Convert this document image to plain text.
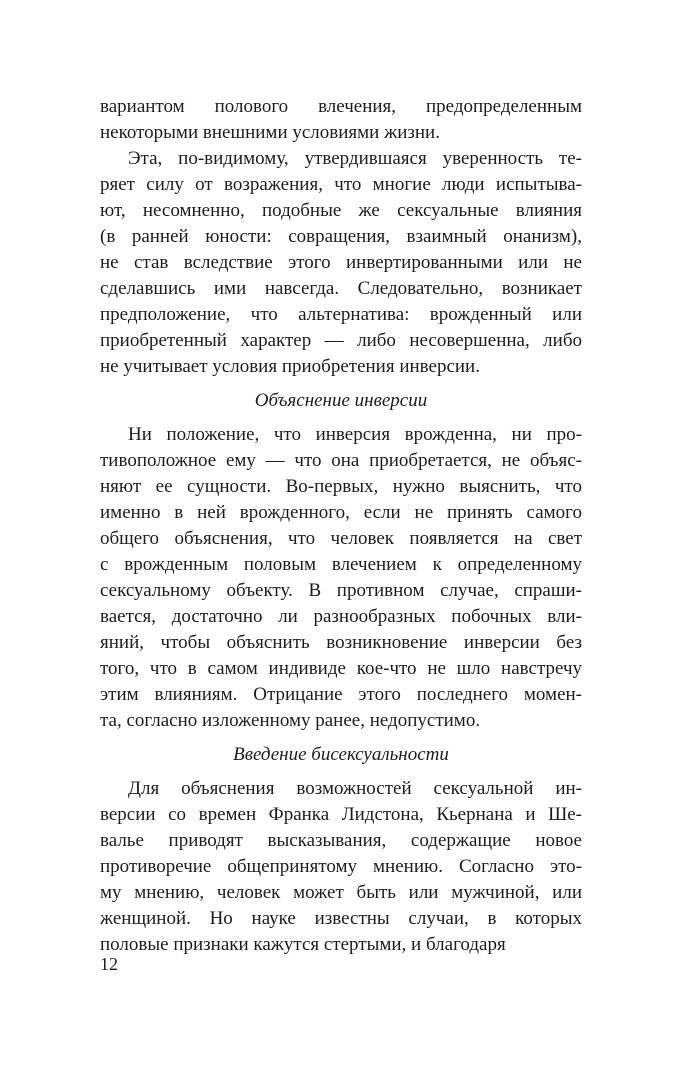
вариантом полового влечения, предопределенным
некоторыми внешними условиями жизни.
Эта, по-видимому, утвердившаяся уверенность те-
ряет силу от возражения, что многие люди испытыва-
ют, несомненно, подобные же сексуальные влияния
(в ранней юности: совращения, взаимный онанизм),
не став вследствие этого инвертированными или не
сделавшись ими навсегда. Следовательно, возникает
предположение, что альтернатива: врожденный или
приобретенный характер — либо несовершенна, либо
не учитывает условия приобретения инверсии.
Объяснение инверсии
Ни положение, что инверсия врожденна, ни про-
тивоположное ему — что она приобретается, не объяс-
няют ее сущности. Во-первых, нужно выяснить, что
именно в ней врожденного, если не принять самого
общего объяснения, что человек появляется на свет
с врожденным половым влечением к определенному
сексуальному объекту. В противном случае, спраши-
вается, достаточно ли разнообразных побочных вли-
яний, чтобы объяснить возникновение инверсии без
того, что в самом индивиде кое-что не шло навстречу
этим влияниям. Отрицание этого последнего момен-
та, согласно изложенному ранее, недопустимо.
Введение бисексуальности
Для объяснения возможностей сексуальной ин-
версии со времен Франка Лидстона, Кьернана и Ше-
валье приводят высказывания, содержащие новое
противоречие общепринятому мнению. Согласно это-
му мнению, человек может быть или мужчиной, или
женщиной. Но науке известны случаи, в которых
половые признаки кажутся стертыми, и благодаря
12
